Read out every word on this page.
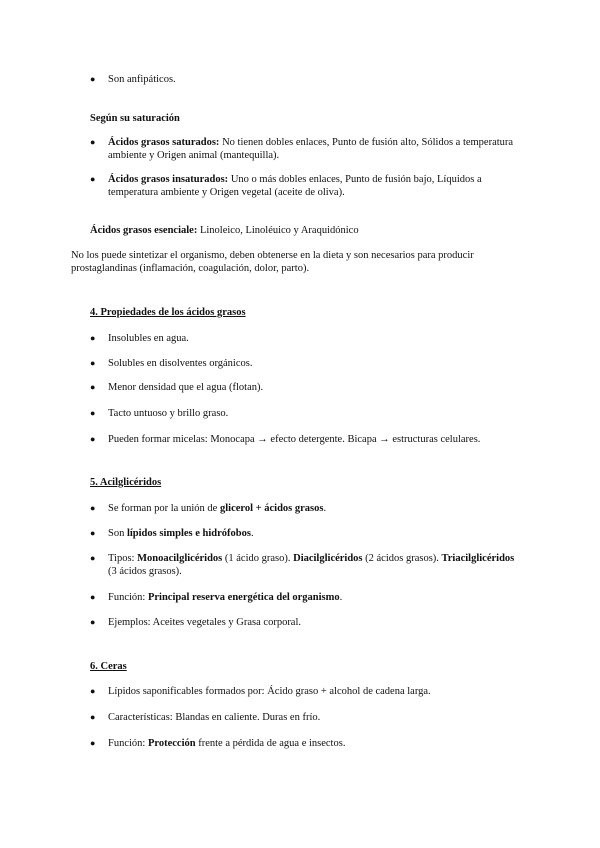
● Son anfipáticos.
Según su saturación
● Ácidos grasos saturados: No tienen dobles enlaces, Punto de fusión alto, Sólidos a temperatura ambiente y Origen animal (mantequilla).
● Ácidos grasos insaturados: Uno o más dobles enlaces, Punto de fusión bajo, Líquidos a temperatura ambiente y Origen vegetal (aceite de oliva).
Ácidos grasos esenciale: Linoleico, Linoléuico y Araquidónico
No los puede sintetizar el organismo, deben obtenerse en la dieta y son necesarios para producir prostaglandinas (inflamación, coagulación, dolor, parto).
4. Propiedades de los ácidos grasos
● Insolubles en agua.
● Solubles en disolventes orgánicos.
● Menor densidad que el agua (flotan).
● Tacto untuoso y brillo graso.
● Pueden formar micelas: Monocapa → efecto detergente. Bicapa → estructuras celulares.
5. Acilglicéridos
● Se forman por la unión de glicerol + ácidos grasos.
● Son lípidos simples e hidrófobos.
● Tipos: Monoacilglicéridos (1 ácido graso). Diacilglicéridos (2 ácidos grasos). Triacilglicéridos (3 ácidos grasos).
● Función: Principal reserva energética del organismo.
● Ejemplos: Aceites vegetales y Grasa corporal.
6. Ceras
● Lípidos saponificables formados por: Ácido graso + alcohol de cadena larga.
● Características: Blandas en caliente. Duras en frío.
● Función: Protección frente a pérdida de agua e insectos.
